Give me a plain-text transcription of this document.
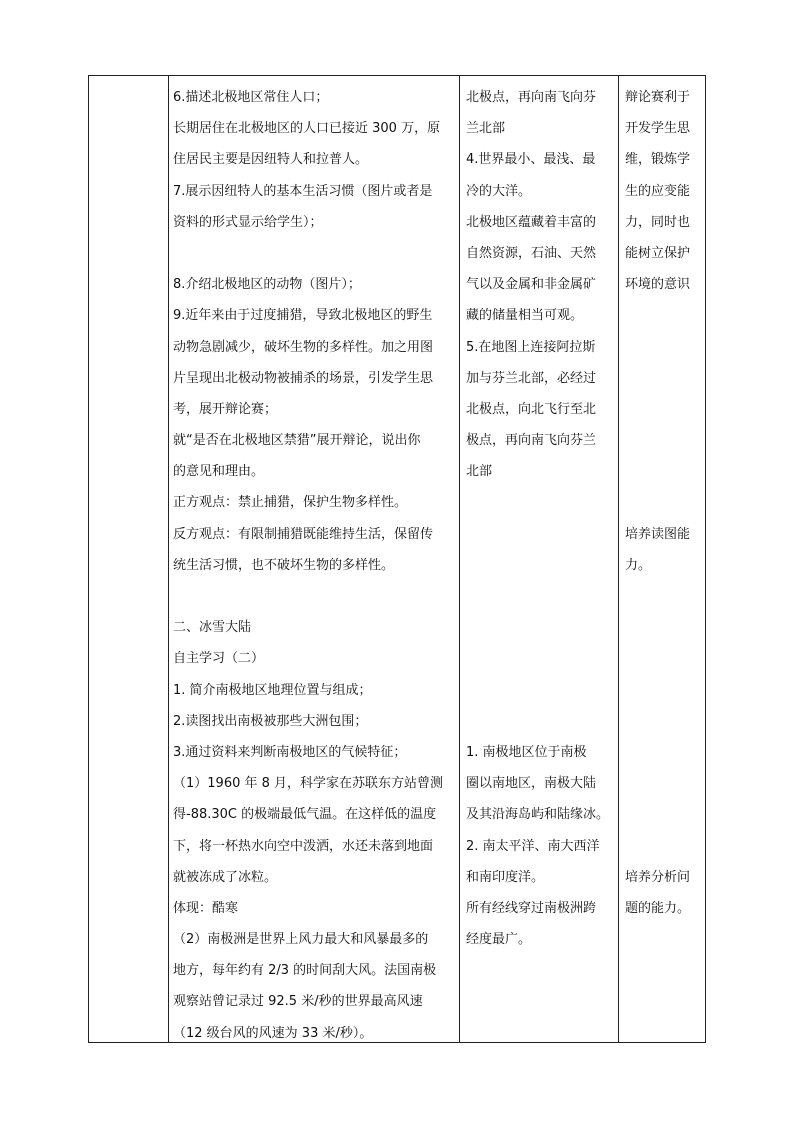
6.描述北极地区常住人口；
长期居住在北极地区的人口已接近 300 万，原
住居民主要是因纽特人和拉普人。
7.展示因纽特人的基本生活习惯（图片或者是
资料的形式显示给学生）；
8.介绍北极地区的动物（图片）；
9.近年来由于过度捕猎，导致北极地区的野生
动物急剧减少，破坏生物的多样性。加之用图
片呈现出北极动物被捕杀的场景，引发学生思
考，展开辩论赛；
就“是否在北极地区禁猎”展开辩论，说出你
的意见和理由。
正方观点：禁止捕猎，保护生物多样性。
反方观点：有限制捕猎既能维持生活，保留传
统生活习惯，也不破坏生物的多样性。
二、冰雪大陆
自主学习（二）
1. 简介南极地区地理位置与组成；
2.读图找出南极被那些大洲包围；
3.通过资料来判断南极地区的气候特征；
（1）1960 年 8 月，科学家在苏联东方站曾测
得-88.30C 的极端最低气温。在这样低的温度
下，将一杯热水向空中泼洒，水还未落到地面
就被冻成了冰粒。
体现：酷寒
（2）南极洲是世界上风力最大和风暴最多的
地方，每年约有 2/3 的时间刮大风。法国南极
观察站曾记录过 92.5 米/秒的世界最高风速
（12 级台风的风速为 33 米/秒）。
北极点，再向南飞向芬
兰北部
4.世界最小、最浅、最
冷的大洋。
北极地区蕴藏着丰富的
自然资源，石油、天然
气以及金属和非金属矿
藏的储量相当可观。
5.在地图上连接阿拉斯
加与芬兰北部，必经过
北极点，向北飞行至北
极点，再向南飞向芬兰
北部
1. 南极地区位于南极
圈以南地区，南极大陆
及其沿海岛屿和陆缘冰。
2. 南太平洋、南大西洋
和南印度洋。
所有经线穿过南极洲跨
经度最广。
辩论赛利于
开发学生思
维，锻炼学
生的应变能
力，同时也
能树立保护
环境的意识
培养读图能
力。
培养分析问
题的能力。
